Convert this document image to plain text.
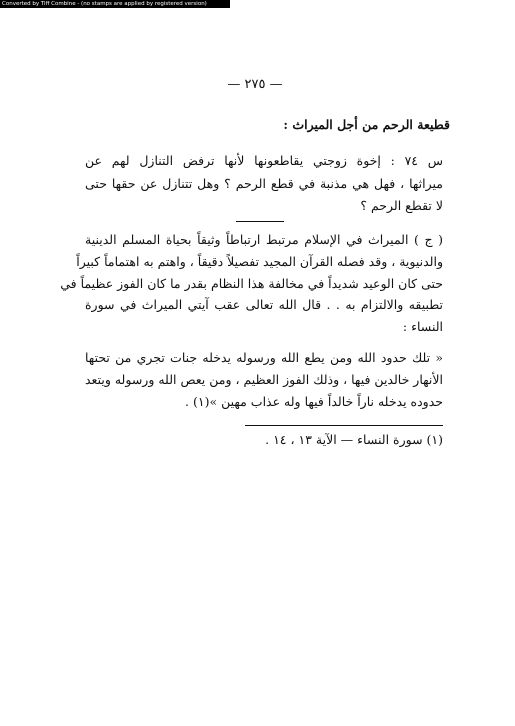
Converted by Tiff Combine - (no stamps are applied by registered version)
— ٢٧٥ —
قطيعة الرحم من أجل الميراث :
س ٧٤ : إخوة زوجتي يقاطعونها لأنها ترفض التنازل لهم عن
ميراثها ، فهل هي مذنبة في قطع الرحم ؟ وهل تتنازل عن حقها حتى
لا تقطع الرحم ؟
( ج ) الميراث في الإسلام مرتبط ارتباطاً وثيقاً بحياة المسلم الدينية
والدنيوية ، وقد فصله القرآن المجيد تفصيلاً دقيقاً ، واهتم به اهتماماً كبيراً
حتى كان الوعيد شديداً في مخالفة هذا النظام بقدر ما كان الفوز عظيماً في
تطبيقه والالتزام به . . قال الله تعالى عقب آيتي الميراث في سورة
النساء :
« تلك حدود الله ومن يطع الله ورسوله يدخله جنات تجري من تحتها
الأنهار خالدين فيها ، وذلك الفوز العظيم ، ومن يعص الله ورسوله ويتعد
حدوده يدخله ناراً خالداً فيها وله عذاب مهين »(١) .
(١) سورة النساء — الآية ١٣ ، ١٤ .
